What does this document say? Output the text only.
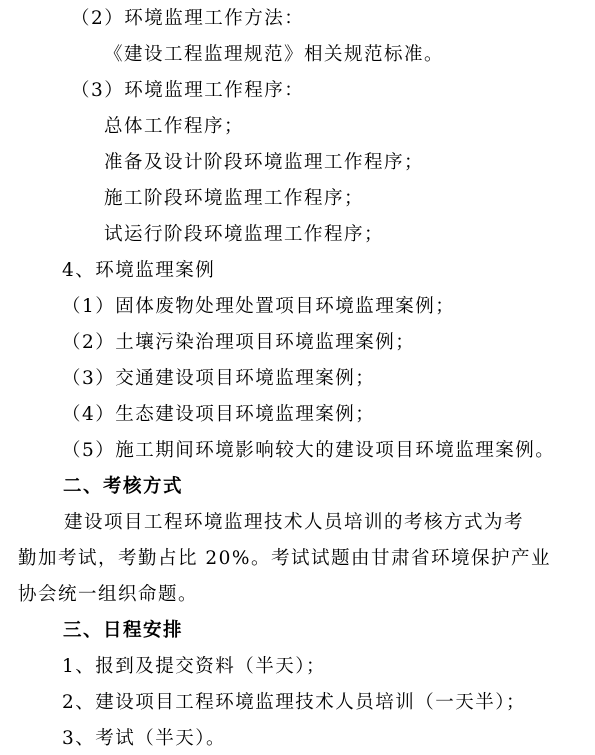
（2）环境监理工作方法：
《建设工程监理规范》相关规范标准。
（3）环境监理工作程序：
总体工作程序；
准备及设计阶段环境监理工作程序；
施工阶段环境监理工作程序；
试运行阶段环境监理工作程序；
4、环境监理案例
（1）固体废物处理处置项目环境监理案例；
（2）土壤污染治理项目环境监理案例；
（3）交通建设项目环境监理案例；
（4）生态建设项目环境监理案例；
（5）施工期间环境影响较大的建设项目环境监理案例。
二、考核方式
建设项目工程环境监理技术人员培训的考核方式为考
勤加考试，考勤占比 20%。考试试题由甘肃省环境保护产业
协会统一组织命题。
三、日程安排
1、报到及提交资料（半天）；
2、建设项目工程环境监理技术人员培训（一天半）；
3、考试（半天）。
